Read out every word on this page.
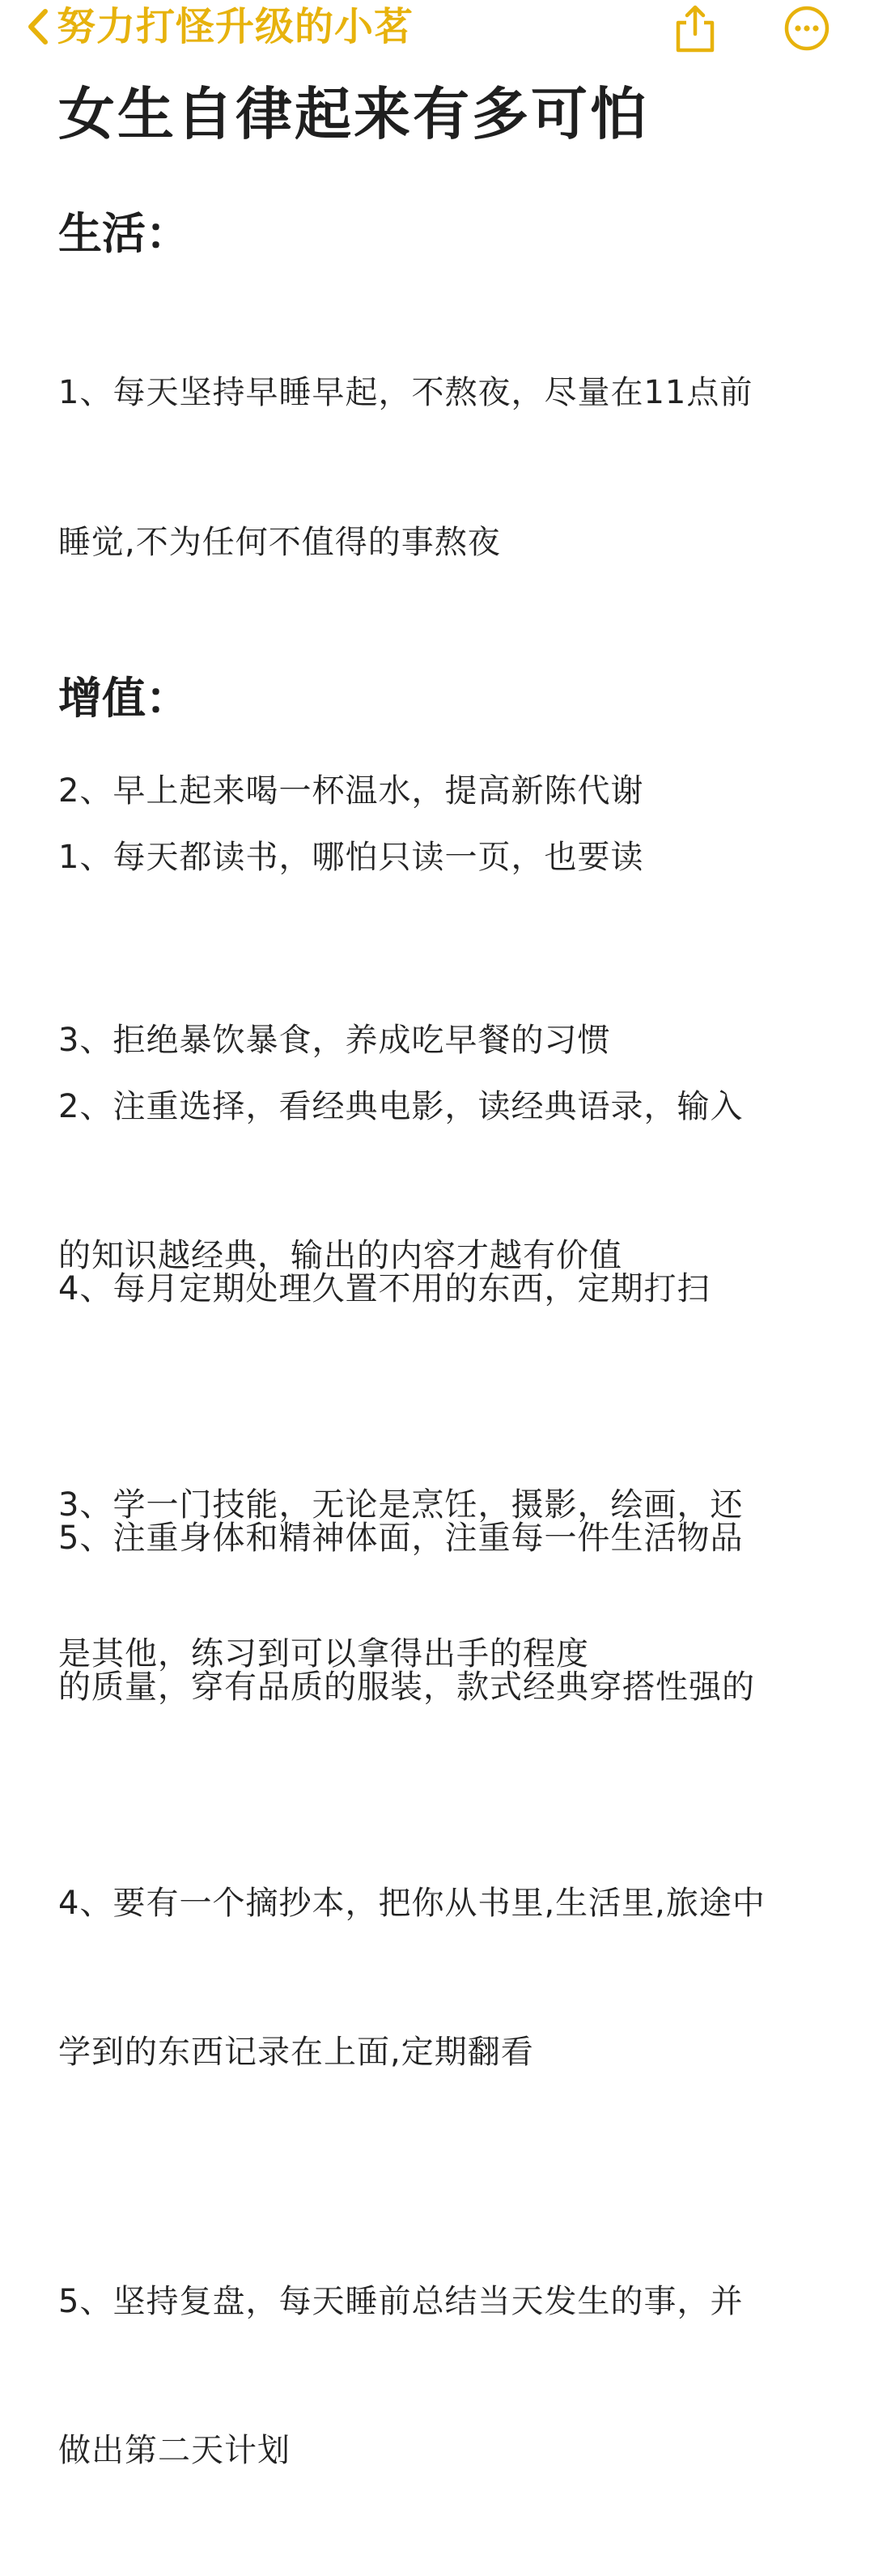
努力打怪升级的小茗
女生自律起来有多可怕
生活：

1、每天坚持早睡早起，不熬夜，尽量在11点前

睡觉,不为任何不值得的事熬夜

2、早上起来喝一杯温水，提高新陈代谢

3、拒绝暴饮暴食，养成吃早餐的习惯

4、每月定期处理久置不用的东西，定期打扫

5、注重身体和精神体面，注重每一件生活物品

的质量，穿有品质的服装，款式经典穿搭性强的

增值：

1、每天都读书，哪怕只读一页，也要读

2、注重选择，看经典电影，读经典语录，输入

的知识越经典，输出的内容才越有价值

3、学一门技能，无论是烹饪，摄影，绘画，还

是其他，练习到可以拿得出手的程度

4、要有一个摘抄本，把你从书里,生活里,旅途中

学到的东西记录在上面,定期翻看

5、坚持复盘，每天睡前总结当天发生的事，并

做出第二天计划
